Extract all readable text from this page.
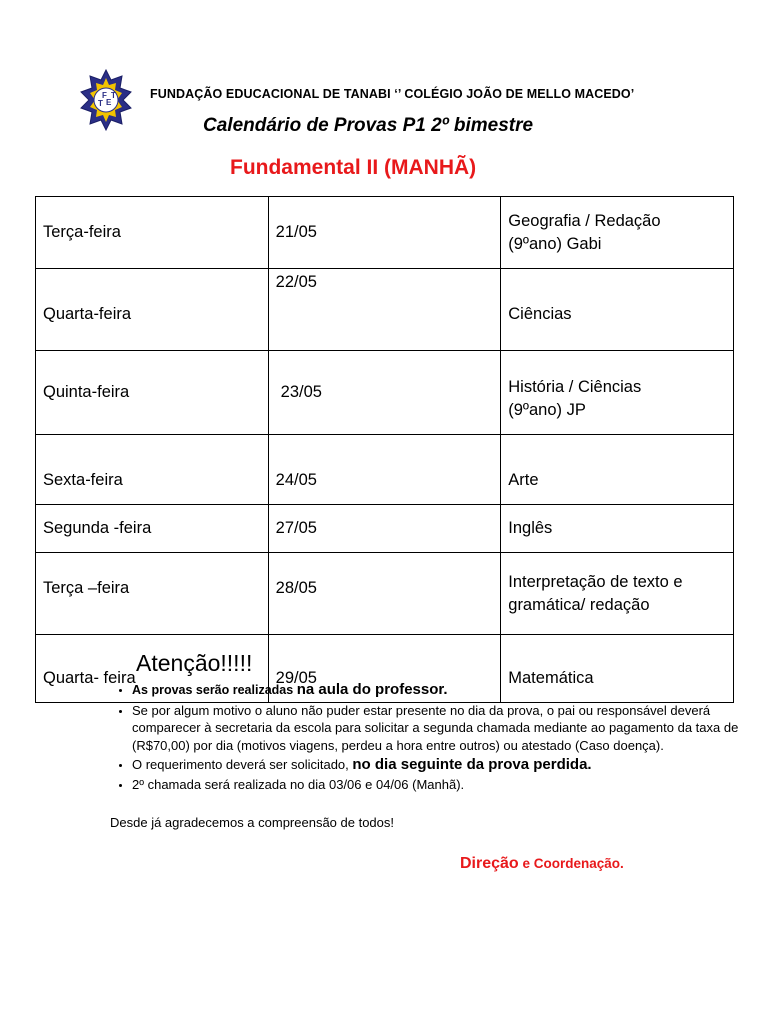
F
E
T
T	FUNDAÇÃO EDUCACIONAL DE TANABI ‘’ COLÉGIO JOÃO DE MELLO MACEDO’
Calendário de Provas P1 2º bimestre
Fundamental II (MANHÃ)
Terça-feira	21/05	Geografia / Redação
(9ºano) Gabi

Quarta-feira	22/05	Ciências

Quinta-feira	23/05	História / Ciências
(9ºano) JP

Sexta-feira	24/05	Arte

Segunda -feira	27/05	Inglês

Terça –feira	28/05	Interpretação de texto e
gramática/ redação

Quarta- feira	29/05	Matemática
Atenção!!!!!
• As provas serão realizadas na aula do professor.
• Se por algum motivo o aluno não puder estar presente no dia da prova, o pai ou responsável deverá comparecer à secretaria da escola para solicitar a segunda chamada mediante ao pagamento da taxa de (R$70,00) por dia (motivos viagens, perdeu a hora entre outros) ou atestado (Caso doença).
• O requerimento deverá ser solicitado, no dia seguinte da prova perdida.
• 2º chamada será realizada no dia 03/06 e 04/06 (Manhã).
Desde já agradecemos a compreensão de todos!
Direção e Coordenação.
